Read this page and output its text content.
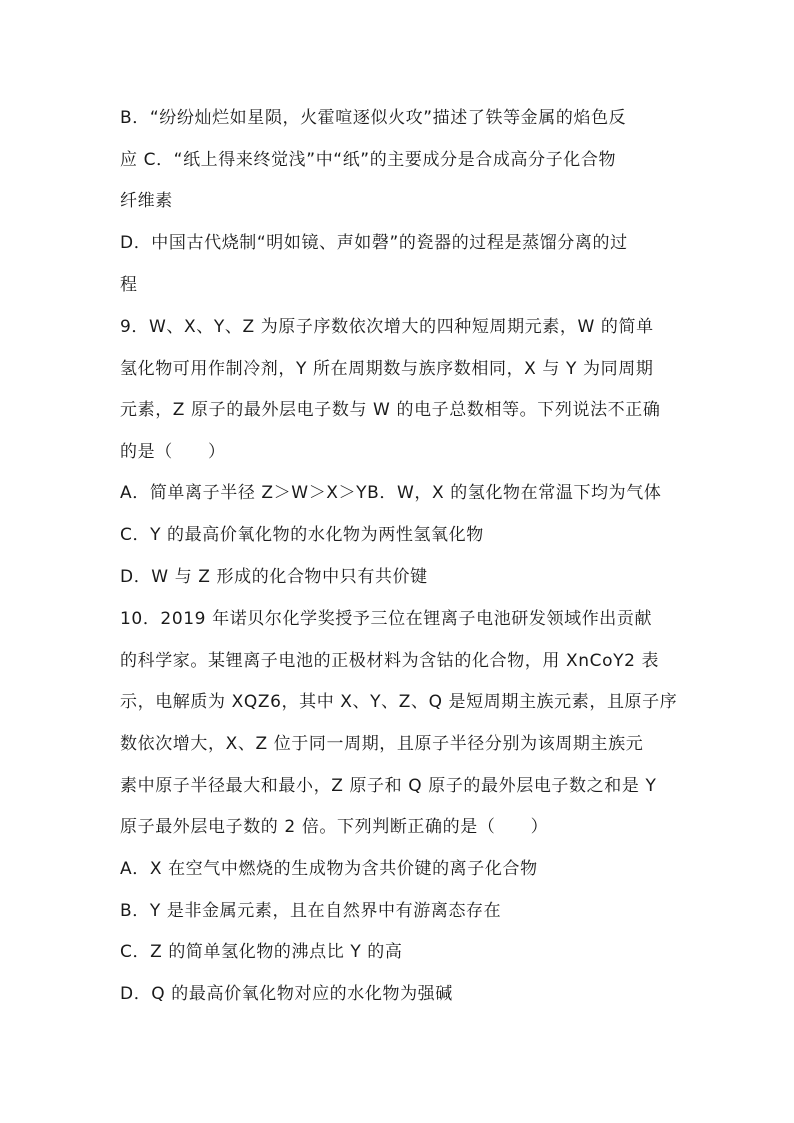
B．“纷纷灿烂如星陨，火霍喧逐似火攻”描述了铁等金属的焰色反
应 C．“纸上得来终觉浅”中“纸”的主要成分是合成高分子化合物
纤维素
D．中国古代烧制“明如镜、声如磬”的瓷器的过程是蒸馏分离的过
程
9．W、X、Y、Z 为原子序数依次增大的四种短周期元素，W 的简单
氢化物可用作制冷剂，Y 所在周期数与族序数相同，X 与 Y 为同周期
元素，Z 原子的最外层电子数与 W 的电子总数相等。下列说法不正确
的是（　　）
A．简单离子半径 Z＞W＞X＞YB．W，X 的氢化物在常温下均为气体
C．Y 的最高价氧化物的水化物为两性氢氧化物
D．W 与 Z 形成的化合物中只有共价键
10．2019 年诺贝尔化学奖授予三位在锂离子电池研发领域作出贡献
的科学家。某锂离子电池的正极材料为含钴的化合物，用 XnCoY2 表
示，电解质为 XQZ6，其中 X、Y、Z、Q 是短周期主族元素，且原子序
数依次增大，X、Z 位于同一周期，且原子半径分别为该周期主族元
素中原子半径最大和最小，Z 原子和 Q 原子的最外层电子数之和是 Y
原子最外层电子数的 2 倍。下列判断正确的是（　　）
A．X 在空气中燃烧的生成物为含共价键的离子化合物
B．Y 是非金属元素，且在自然界中有游离态存在
C．Z 的简单氢化物的沸点比 Y 的高
D．Q 的最高价氧化物对应的水化物为强碱
